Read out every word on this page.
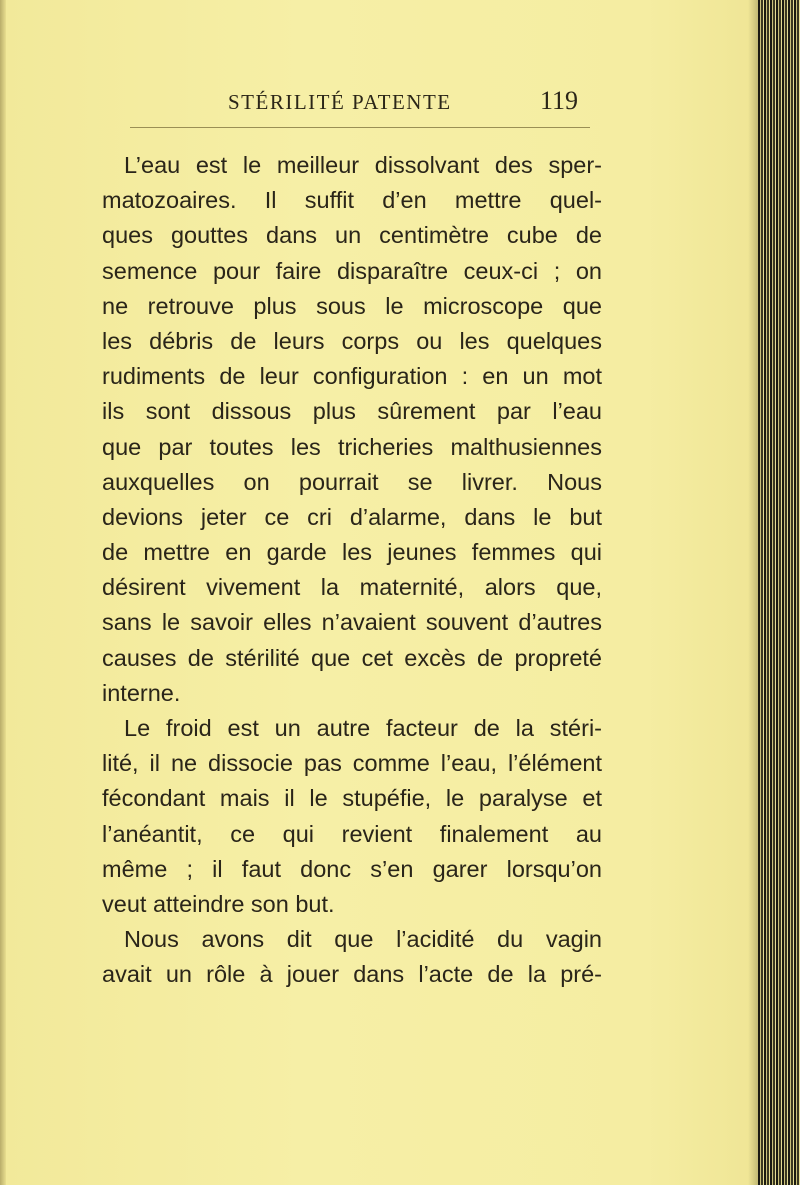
STÉRILITÉ PATENTE	119
L’eau est le meilleur dissolvant des sper-
matozoaires. Il suffit d’en mettre quel-
ques gouttes dans un centimètre cube de
semence pour faire disparaître ceux-ci ; on
ne retrouve plus sous le microscope que
les débris de leurs corps ou les quelques
rudiments de leur configuration : en un mot
ils sont dissous plus sûrement par l’eau
que par toutes les tricheries malthusiennes
auxquelles on pourrait se livrer. Nous
devions jeter ce cri d’alarme, dans le but
de mettre en garde les jeunes femmes qui
désirent vivement la maternité, alors que,
sans le savoir elles n’avaient souvent d’autres
causes de stérilité que cet excès de propreté
interne.
Le froid est un autre facteur de la stéri-
lité, il ne dissocie pas comme l’eau, l’élément
fécondant mais il le stupéfie, le paralyse et
l’anéantit, ce qui revient finalement au
même ; il faut donc s’en garer lorsqu’on
veut atteindre son but.
Nous avons dit que l’acidité du vagin
avait un rôle à jouer dans l’acte de la pré-
